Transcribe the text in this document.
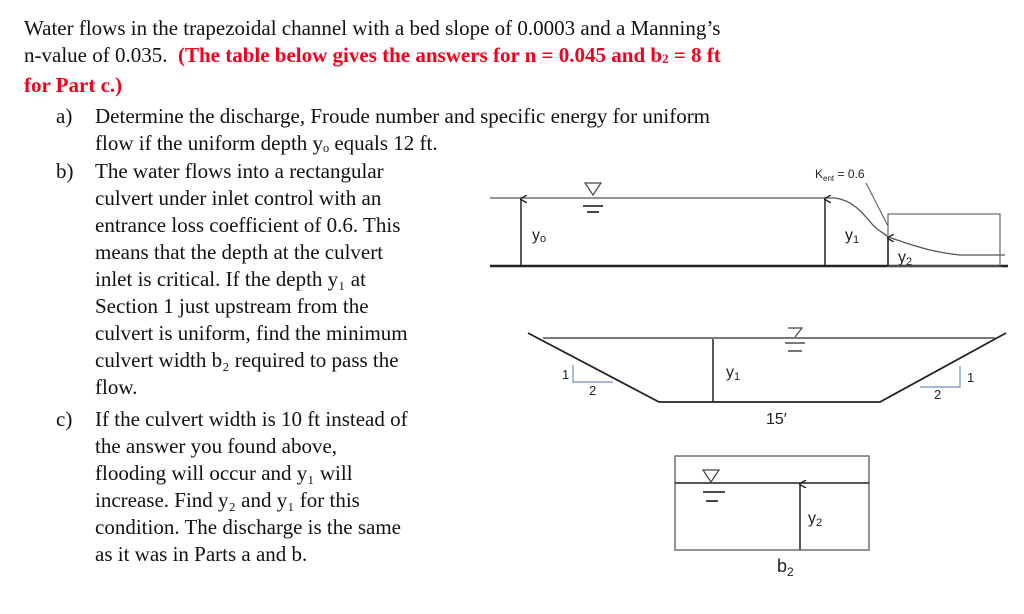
Water flows in the trapezoidal channel with a bed slope of 0.0003 and a Manning’s
n-value of 0.035. (The table below gives the answers for n = 0.045 and $b_2 = 8$ ft
for Part c.)
a)	Determine the discharge, Froude number and specific energy for uniform
flow if the uniform depth yₒ equals 12 ft.
b)	The water flows into a rectangular
culvert under inlet control with an
entrance loss coefficient of 0.6. This
means that the depth at the culvert
inlet is critical. If the depth y₁ at
Section 1 just upstream from the
culvert is uniform, find the minimum
culvert width b₂ required to pass the
flow.
c)	If the culvert width is 10 ft instead of
the answer you found above,
flooding will occur and y₁ will
increase. Find y₂ and y₁ for this
condition. The discharge is the same
as it was in Parts a and b.
yo	y1
y2
$K_{ent} = 0.6$
1
2
1
2
y1
15′
y2
$b_2$
